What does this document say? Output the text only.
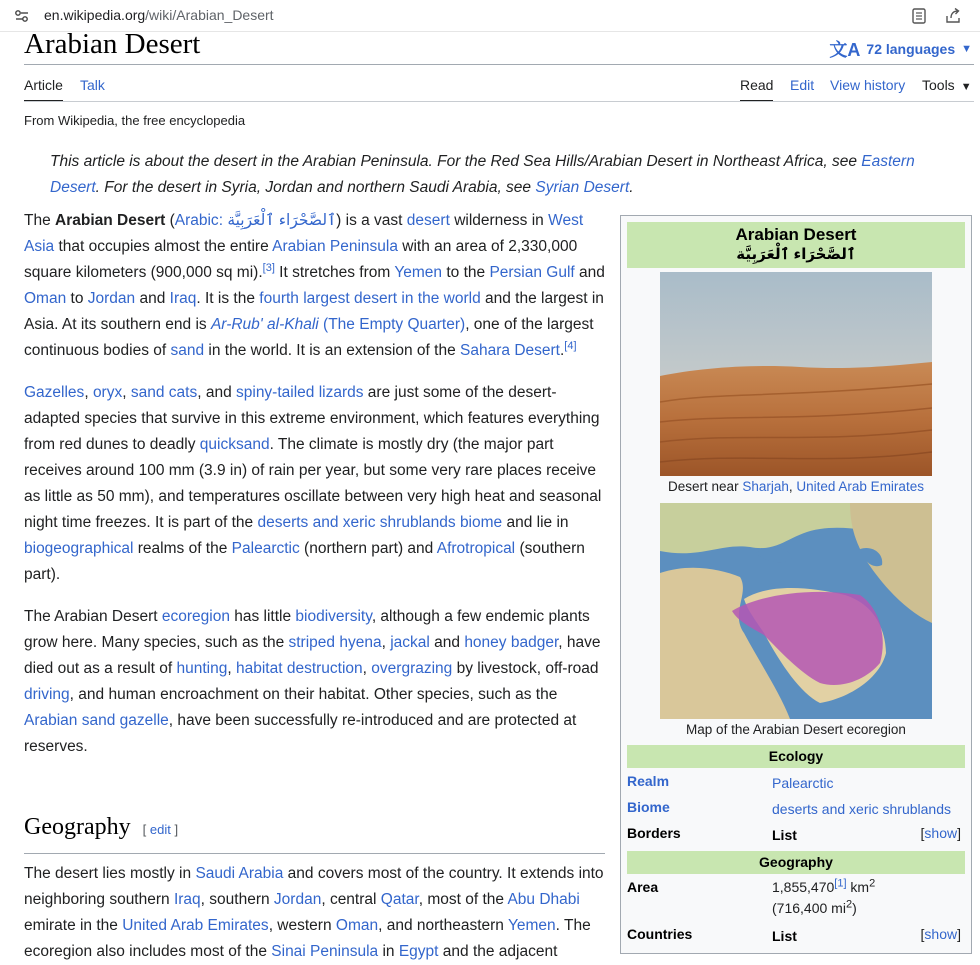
en.wikipedia.org/wiki/Arabian_Desert
Arabian Desert	文A 72 languages ▼
Article Talk	Read Edit View history Tools ▼
From Wikipedia, the free encyclopedia
This article is about the desert in the Arabian Peninsula. For the Red Sea Hills/Arabian Desert in Northeast Africa, see Eastern Desert. For the desert in Syria, Jordan and northern Saudi Arabia, see Syrian Desert.

The Arabian Desert (Arabic: ٱلصَّحْرَاء ٱلْعَرَبِيَّة) is a vast desert wilderness in West Asia that occupies almost the entire Arabian Peninsula with an area of 2,330,000 square kilometers (900,000 sq mi).[3] It stretches from Yemen to the Persian Gulf and Oman to Jordan and Iraq. It is the fourth largest desert in the world and the largest in Asia. At its southern end is Ar-Rub' al-Khali (The Empty Quarter), one of the largest continuous bodies of sand in the world. It is an extension of the Sahara Desert.[4]

Gazelles, oryx, sand cats, and spiny-tailed lizards are just some of the desert-adapted species that survive in this extreme environment, which features everything from red dunes to deadly quicksand. The climate is mostly dry (the major part receives around 100 mm (3.9 in) of rain per year, but some very rare places receive as little as 50 mm), and temperatures oscillate between very high heat and seasonal night time freezes. It is part of the deserts and xeric shrublands biome and lie in biogeographical realms of the Palearctic (northern part) and Afrotropical (southern part).

The Arabian Desert ecoregion has little biodiversity, although a few endemic plants grow here. Many species, such as the striped hyena, jackal and honey badger, have died out as a result of hunting, habitat destruction, overgrazing by livestock, off-road driving, and human encroachment on their habitat. Other species, such as the Arabian sand gazelle, have been successfully re-introduced and are protected at reserves.

Geography [ edit ]
The desert lies mostly in Saudi Arabia and covers most of the country. It extends into neighboring southern Iraq, southern Jordan, central Qatar, most of the Abu Dhabi emirate in the United Arab Emirates, western Oman, and northeastern Yemen. The ecoregion also includes most of the Sinai Peninsula in Egypt and the adjacent
Arabian Desert
ٱلصَّحْرَاء ٱلْعَرَبِيَّة
Desert near Sharjah, United Arab Emirates
Map of the Arabian Desert ecoregion
Ecology
Realm	Palearctic
Biome	deserts and xeric shrublands
Borders	List	[show]
Geography
Area	1,855,470[1] $km^2$
(716,400 $mi^2$)
Countries	List	[show]
